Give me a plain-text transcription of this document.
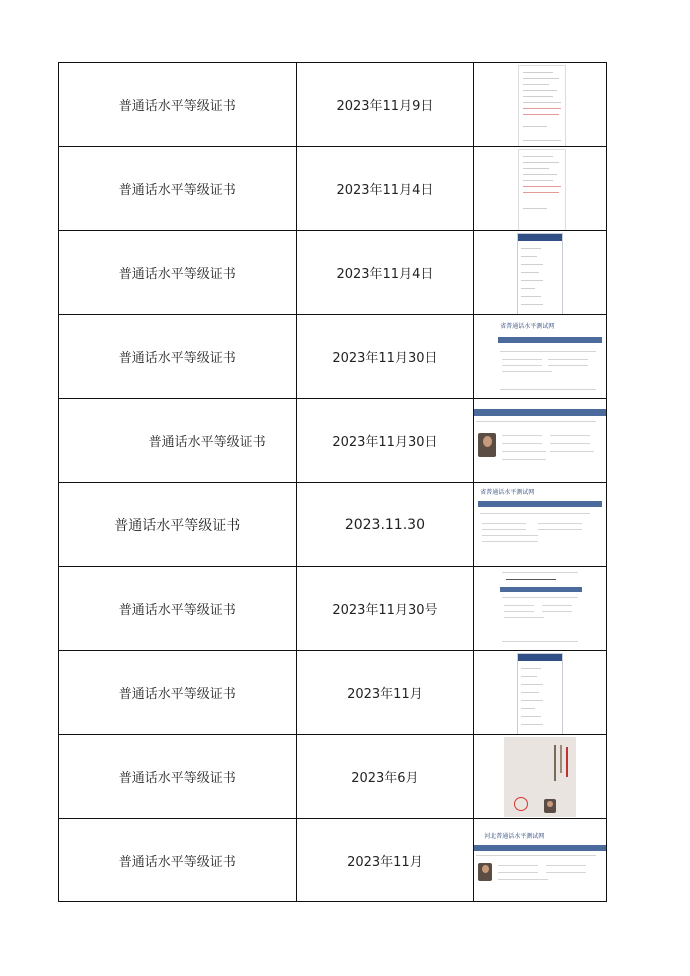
普通话水平等级证书	2023年11月9日
普通话水平等级证书	2023年11月4日
普通话水平等级证书	2023年11月4日
普通话水平等级证书	2023年11月30日
省普通话水平测试网
普通话水平等级证书	2023年11月30日
普通话水平等级证书	2023.11.30
省普通话水平测试网
普通话水平等级证书	2023年11月30号
普通话水平等级证书	2023年11月
普通话水平等级证书	2023年6月
普通话水平等级证书	2023年11月
河北普通话水平测试网
